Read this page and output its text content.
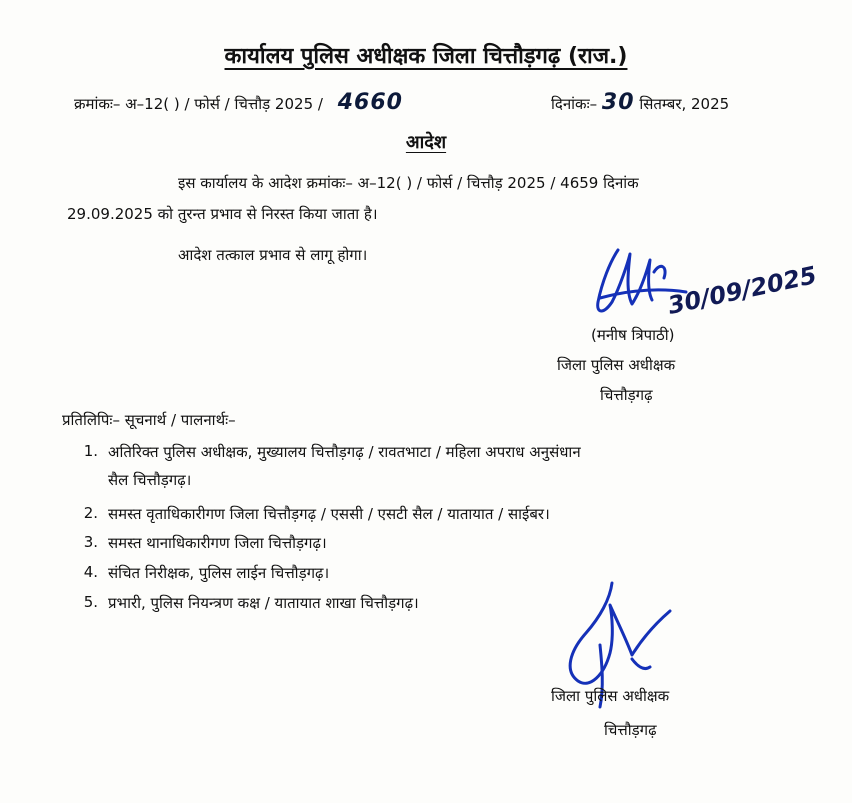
कार्यालय पुलिस अधीक्षक जिला चित्तौड़गढ़ (राज.)
क्रमांकः– अ–12( ) / फोर्स / चित्तौड़ 2025 / 4660	दिनांकः– 30 सितम्बर, 2025
आदेश
इस कार्यालय के आदेश क्रमांकः– अ–12( ) / फोर्स / चित्तौड़ 2025 / 4659 दिनांक
29.09.2025 को तुरन्त प्रभाव से निरस्त किया जाता है।
आदेश तत्काल प्रभाव से लागू होगा।
30/09/2025
(मनीष त्रिपाठी)
जिला पुलिस अधीक्षक
चित्तौड़गढ़
प्रतिलिपिः– सूचनार्थ / पालनार्थः–
1. अतिरिक्त पुलिस अधीक्षक, मुख्यालय चित्तौड़गढ़ / रावतभाटा / महिला अपराध अनुसंधान
सैल चित्तौड़गढ़।
2. समस्त वृताधिकारीगण जिला चित्तौड़गढ़ / एससी / एसटी सैल / यातायात / साईबर।
3. समस्त थानाधिकारीगण जिला चित्तौड़गढ़।
4. संचित निरीक्षक, पुलिस लाईन चित्तौड़गढ़।
5. प्रभारी, पुलिस नियन्त्रण कक्ष / यातायात शाखा चित्तौड़गढ़।
जिला पुलिस अधीक्षक
चित्तौड़गढ़
